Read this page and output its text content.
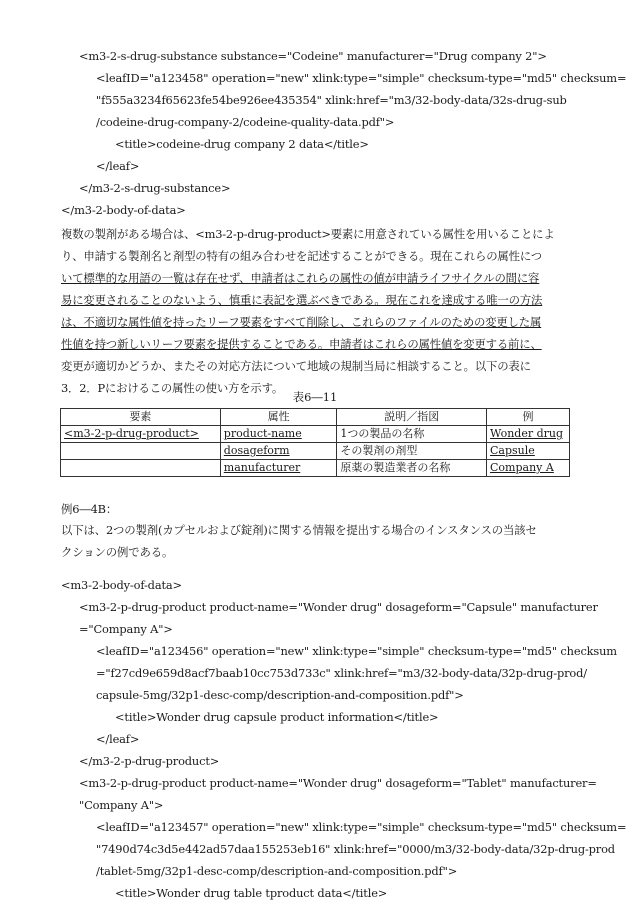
<m3-2-s-drug-substance substance="Codeine" manufacturer="Drug company 2">
<leafID="a123458" operation="new" xlink:type="simple" checksum-type="md5" checksum=
"f555a3234f65623fe54be926ee435354" xlink:href="m3/32-body-data/32s-drug-sub
/codeine-drug-company-2/codeine-quality-data.pdf">
<title>codeine-drug company 2 data</title>
</leaf>
</m3-2-s-drug-substance>
</m3-2-body-of-data>
複数の製剤がある場合は、<m3-2-p-drug-product>要素に用意されている属性を用いることによ
り、申請する製剤名と剤型の特有の組み合わせを記述することができる。現在これらの属性につ
いて標準的な用語の一覧は存在せず、申請者はこれらの属性の値が申請ライフサイクルの間に容
易に変更されることのないよう、慎重に表記を選ぶべきである。現在これを達成する唯一の方法
は、不適切な属性値を持ったリーフ要素をすべて削除し、これらのファイルのための変更した属
性値を持つ新しいリーフ要素を提供することである。申請者はこれらの属性値を変更する前に、
変更が適切かどうか、またその対応方法について地域の規制当局に相談すること。以下の表に
3．2．Pにおけるこの属性の使い方を示す。
表6―11
要素	属性	説明／指図	例
<m3-2-p-drug-product>	product-name	1つの製品の名称	Wonder drug
	dosageform	その製剤の剤型	Capsule
	manufacturer	原薬の製造業者の名称	Company A
例6―4B：
以下は、2つの製剤(カプセルおよび錠剤)に関する情報を提出する場合のインスタンスの当該セ
クションの例である。
<m3-2-body-of-data>
<m3-2-p-drug-product product-name="Wonder drug" dosageform="Capsule" manufacturer
="Company A">
<leafID="a123456" operation="new" xlink:type="simple" checksum-type="md5" checksum
="f27cd9e659d8acf7baab10cc753d733c" xlink:href="m3/32-body-data/32p-drug-prod/
capsule-5mg/32p1-desc-comp/description-and-composition.pdf">
<title>Wonder drug capsule product information</title>
</leaf>
</m3-2-p-drug-product>
<m3-2-p-drug-product product-name="Wonder drug" dosageform="Tablet" manufacturer=
"Company A">
<leafID="a123457" operation="new" xlink:type="simple" checksum-type="md5" checksum=
"7490d74c3d5e442ad57daa155253eb16" xlink:href="0000/m3/32-body-data/32p-drug-prod
/tablet-5mg/32p1-desc-comp/description-and-composition.pdf">
<title>Wonder drug table tproduct data</title>
